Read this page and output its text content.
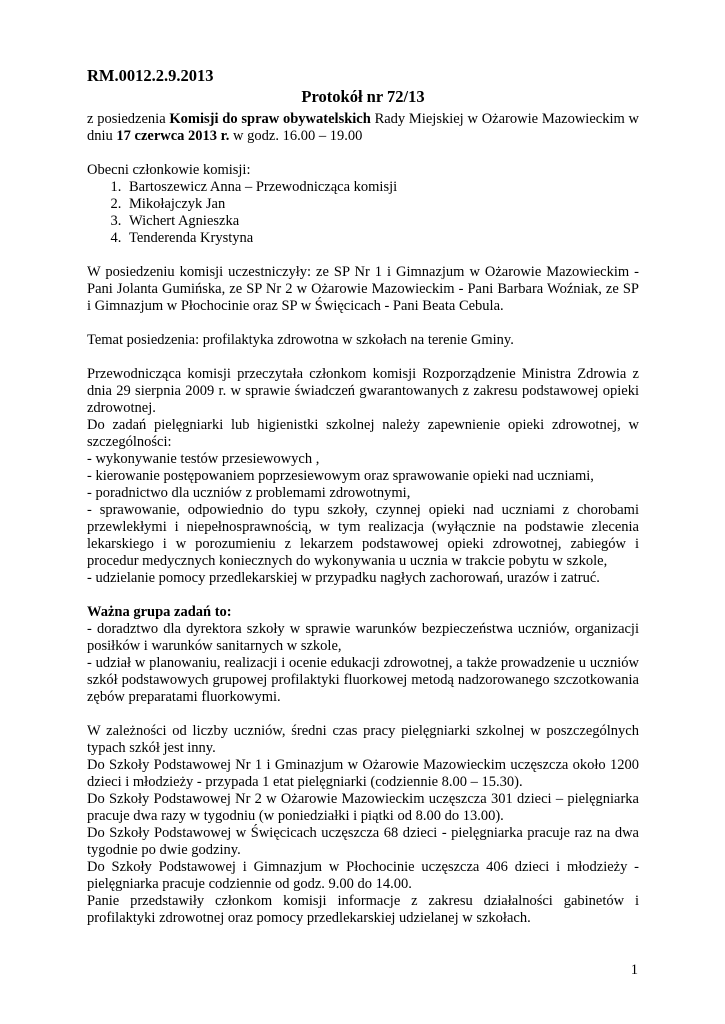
RM.0012.2.9.2013

Protokół nr 72/13

z posiedzenia Komisji do spraw obywatelskich Rady Miejskiej w Ożarowie Mazowieckim w dniu 17 czerwca 2013 r. w godz. 16.00 – 19.00

Obecni członkowie komisji:

1. Bartoszewicz Anna – Przewodnicząca komisji
2. Mikołajczyk Jan
3. Wichert Agnieszka
4. Tenderenda Krystyna

W posiedzeniu komisji uczestniczyły: ze SP Nr 1 i Gimnazjum w Ożarowie Mazowieckim - Pani Jolanta Gumińska, ze SP Nr 2 w Ożarowie Mazowieckim - Pani Barbara Woźniak, ze SP i Gimnazjum w Płochocinie oraz SP w Święcicach - Pani Beata Cebula.

Temat posiedzenia: profilaktyka zdrowotna w szkołach na terenie Gminy.

Przewodnicząca komisji przeczytała członkom komisji Rozporządzenie Ministra Zdrowia z dnia 29 sierpnia 2009 r. w sprawie świadczeń gwarantowanych z zakresu podstawowej opieki zdrowotnej.

Do zadań pielęgniarki lub higienistki szkolnej należy zapewnienie opieki zdrowotnej, w szczególności:

- wykonywanie testów przesiewowych ,

- kierowanie postępowaniem poprzesiewowym oraz sprawowanie opieki nad uczniami,

- poradnictwo dla uczniów z problemami zdrowotnymi,

- sprawowanie, odpowiednio do typu szkoły, czynnej opieki nad uczniami z chorobami przewlekłymi i niepełnosprawnością, w tym realizacja (wyłącznie na podstawie zlecenia lekarskiego i w porozumieniu z lekarzem podstawowej opieki zdrowotnej, zabiegów i procedur medycznych koniecznych do wykonywania u ucznia w trakcie pobytu w szkole,

- udzielanie pomocy przedlekarskiej w przypadku nagłych zachorowań, urazów i zatruć.

Ważna grupa zadań to:

- doradztwo dla dyrektora szkoły w sprawie warunków bezpieczeństwa uczniów, organizacji posiłków i warunków sanitarnych w szkole,

- udział w planowaniu, realizacji i ocenie edukacji zdrowotnej, a także prowadzenie u uczniów szkół podstawowych grupowej profilaktyki fluorkowej metodą nadzorowanego szczotkowania zębów preparatami fluorkowymi.

W zależności od liczby uczniów, średni czas pracy pielęgniarki szkolnej w poszczególnych typach szkół jest inny.

Do Szkoły Podstawowej Nr 1 i Gminazjum w Ożarowie Mazowieckim uczęszcza około 1200 dzieci i młodzieży - przypada 1 etat pielęgniarki (codziennie 8.00 – 15.30).

Do Szkoły Podstawowej Nr 2 w Ożarowie Mazowieckim uczęszcza 301 dzieci – pielęgniarka pracuje dwa razy w tygodniu (w poniedziałki i piątki od 8.00 do 13.00).

Do Szkoły Podstawowej w Święcicach uczęszcza 68 dzieci - pielęgniarka pracuje raz na dwa tygodnie po dwie godziny.

Do Szkoły Podstawowej i Gimnazjum w Płochocinie uczęszcza 406 dzieci i młodzieży - pielęgniarka pracuje codziennie od godz. 9.00 do 14.00.

Panie przedstawiły członkom komisji informacje z zakresu działalności gabinetów i profilaktyki zdrowotnej oraz pomocy przedlekarskiej udzielanej w szkołach.

1
